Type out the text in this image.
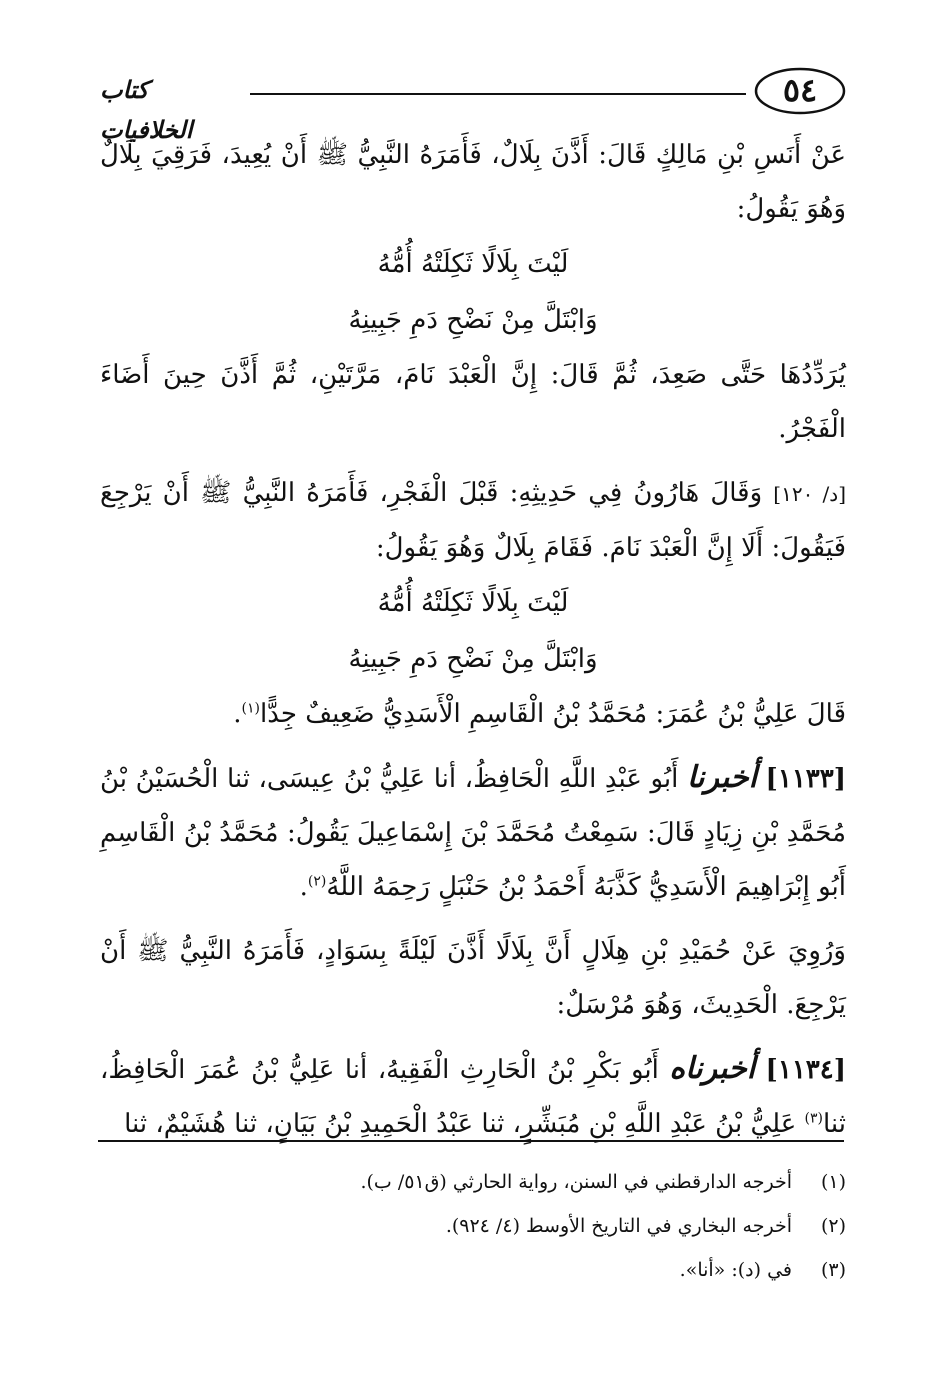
٥٤
كتاب الخلافيات

عَنْ أَنَسِ بْنِ مَالِكٍ قَالَ: أَذَّنَ بِلَالٌ، فَأَمَرَهُ النَّبِيُّ ﷺ أَنْ يُعِيدَ، فَرَقِيَ بِلَالٌ وَهُوَ يَقُولُ:

لَيْتَ بِلَالًا ثَكِلَتْهُ أُمُّهُ
وَابْتَلَّ مِنْ نَضْحِ دَمِ جَبِينِهُ

يُرَدِّدُهَا حَتَّى صَعِدَ، ثُمَّ قَالَ: إِنَّ الْعَبْدَ نَامَ، مَرَّتَيْنِ، ثُمَّ أَذَّنَ حِينَ أَضَاءَ الْفَجْرُ.

[د/ ١٢٠] وَقَالَ هَارُونُ فِي حَدِيثِهِ: قَبْلَ الْفَجْرِ، فَأَمَرَهُ النَّبِيُّ ﷺ أَنْ يَرْجِعَ فَيَقُولَ: أَلَا إِنَّ الْعَبْدَ نَامَ. فَقَامَ بِلَالٌ وَهُوَ يَقُولُ:

لَيْتَ بِلَالًا ثَكِلَتْهُ أُمُّهُ
وَابْتَلَّ مِنْ نَضْحِ دَمِ جَبِينِهُ

قَالَ عَلِيُّ بْنُ عُمَرَ: مُحَمَّدُ بْنُ الْقَاسِمِ الْأَسَدِيُّ ضَعِيفٌ جِدًّا$^{(١)}$.

[١١٣٣] أخبرنا أَبُو عَبْدِ اللَّهِ الْحَافِظُ، أنا عَلِيُّ بْنُ عِيسَى، ثنا الْحُسَيْنُ بْنُ مُحَمَّدِ بْنِ زِيَادٍ قَالَ: سَمِعْتُ مُحَمَّدَ بْنَ إِسْمَاعِيلَ يَقُولُ: مُحَمَّدُ بْنُ الْقَاسِمِ أَبُو إِبْرَاهِيمَ الْأَسَدِيُّ كَذَّبَهُ أَحْمَدُ بْنُ حَنْبَلٍ رَحِمَهُ اللَّهُ$^{(٢)}$.

وَرُوِيَ عَنْ حُمَيْدِ بْنِ هِلَالٍ أَنَّ بِلَالًا أَذَّنَ لَيْلَةً بِسَوَادٍ، فَأَمَرَهُ النَّبِيُّ ﷺ أَنْ يَرْجِعَ. الْحَدِيثَ، وَهُوَ مُرْسَلٌ:

[١١٣٤] أخبرناه أَبُو بَكْرِ بْنُ الْحَارِثِ الْفَقِيهُ، أنا عَلِيُّ بْنُ عُمَرَ الْحَافِظُ، ثنا$^{(٣)}$ عَلِيُّ بْنُ عَبْدِ اللَّهِ بْنِ مُبَشِّرٍ، ثنا عَبْدُ الْحَمِيدِ بْنُ بَيَانٍ، ثنا هُشَيْمٌ، ثنا

(١)أخرجه الدارقطني في السنن، رواية الحارثي (ق٥١/ ب).
(٢)أخرجه البخاري في التاريخ الأوسط (٤/ ٩٢٤).
(٣)في (د): «أنا».
